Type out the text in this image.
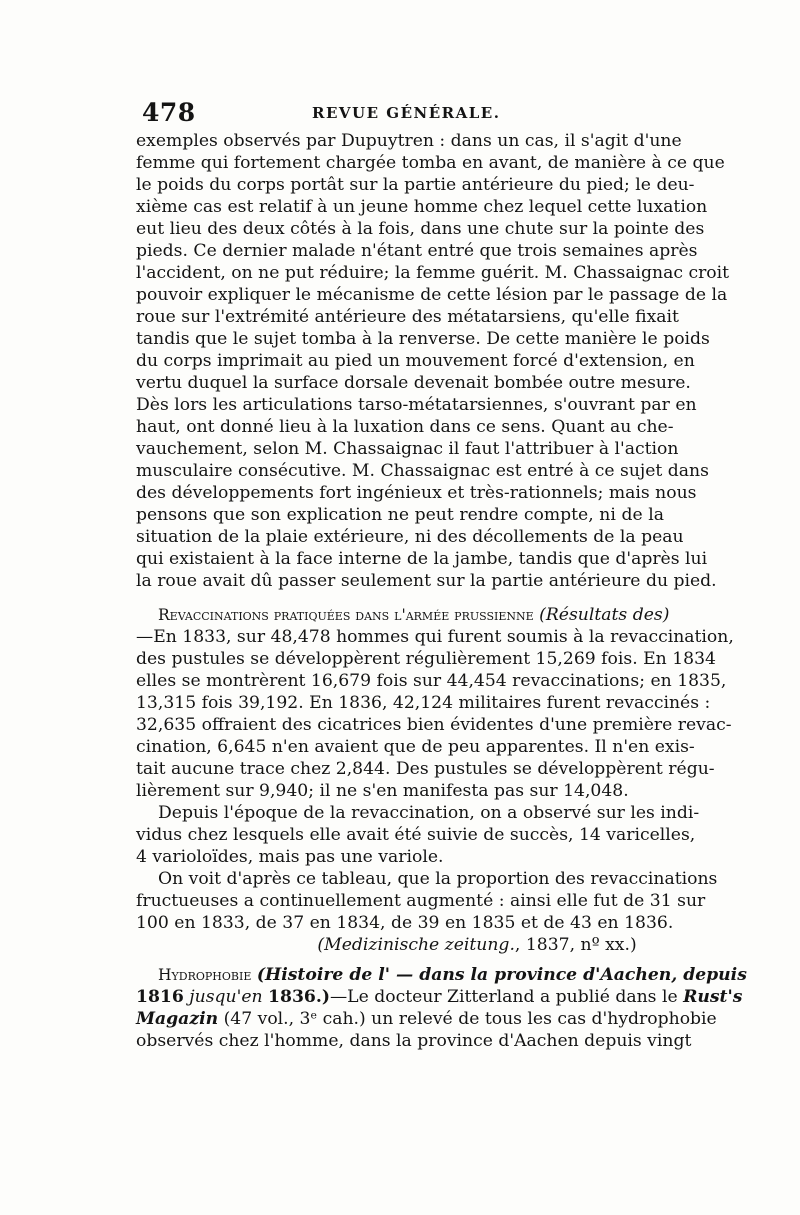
478	REVUE GÉNÉRALE.
exemples observés par Dupuytren : dans un cas, il s'agit d'une
femme qui fortement chargée tomba en avant, de manière à ce que
le poids du corps portât sur la partie antérieure du pied; le deu-
xième cas est relatif à un jeune homme chez lequel cette luxation
eut lieu des deux côtés à la fois, dans une chute sur la pointe des
pieds. Ce dernier malade n'étant entré que trois semaines après
l'accident, on ne put réduire; la femme guérit. M. Chassaignac croit
pouvoir expliquer le mécanisme de cette lésion par le passage de la
roue sur l'extrémité antérieure des métatarsiens, qu'elle fixait
tandis que le sujet tomba à la renverse. De cette manière le poids
du corps imprimait au pied un mouvement forcé d'extension, en
vertu duquel la surface dorsale devenait bombée outre mesure.
Dès lors les articulations tarso-métatarsiennes, s'ouvrant par en
haut, ont donné lieu à la luxation dans ce sens. Quant au che-
vauchement, selon M. Chassaignac il faut l'attribuer à l'action
musculaire consécutive. M. Chassaignac est entré à ce sujet dans
des développements fort ingénieux et très-rationnels; mais nous
pensons que son explication ne peut rendre compte, ni de la
situation de la plaie extérieure, ni des décollements de la peau
qui existaient à la face interne de la jambe, tandis que d'après lui
la roue avait dû passer seulement sur la partie antérieure du pied.
Revaccinations pratiquées dans l'armée prussienne (Résultats des)
—En 1833, sur 48,478 hommes qui furent soumis à la revaccination,
des pustules se développèrent régulièrement 15,269 fois. En 1834
elles se montrèrent 16,679 fois sur 44,454 revaccinations; en 1835,
13,315 fois 39,192. En 1836, 42,124 militaires furent revaccinés :
32,635 offraient des cicatrices bien évidentes d'une première revac-
cination, 6,645 n'en avaient que de peu apparentes. Il n'en exis-
tait aucune trace chez 2,844. Des pustules se développèrent régu-
lièrement sur 9,940; il ne s'en manifesta pas sur 14,048.
Depuis l'époque de la revaccination, on a observé sur les indi-
vidus chez lesquels elle avait été suivie de succès, 14 varicelles,
4 varioloïdes, mais pas une variole.
On voit d'après ce tableau, que la proportion des revaccinations
fructueuses a continuellement augmenté : ainsi elle fut de 31 sur
100 en 1833, de 37 en 1834, de 39 en 1835 et de 43 en 1836.
(Medizinische zeitung., 1837, nº xx.)
Hydrophobie (Histoire de l' — dans la province d'Aachen, depuis
1816 jusqu'en 1836.)—Le docteur Zitterland a publié dans le Rust's
Magazin (47 vol., 3ᵉ cah.) un relevé de tous les cas d'hydrophobie
observés chez l'homme, dans la province d'Aachen depuis vingt
